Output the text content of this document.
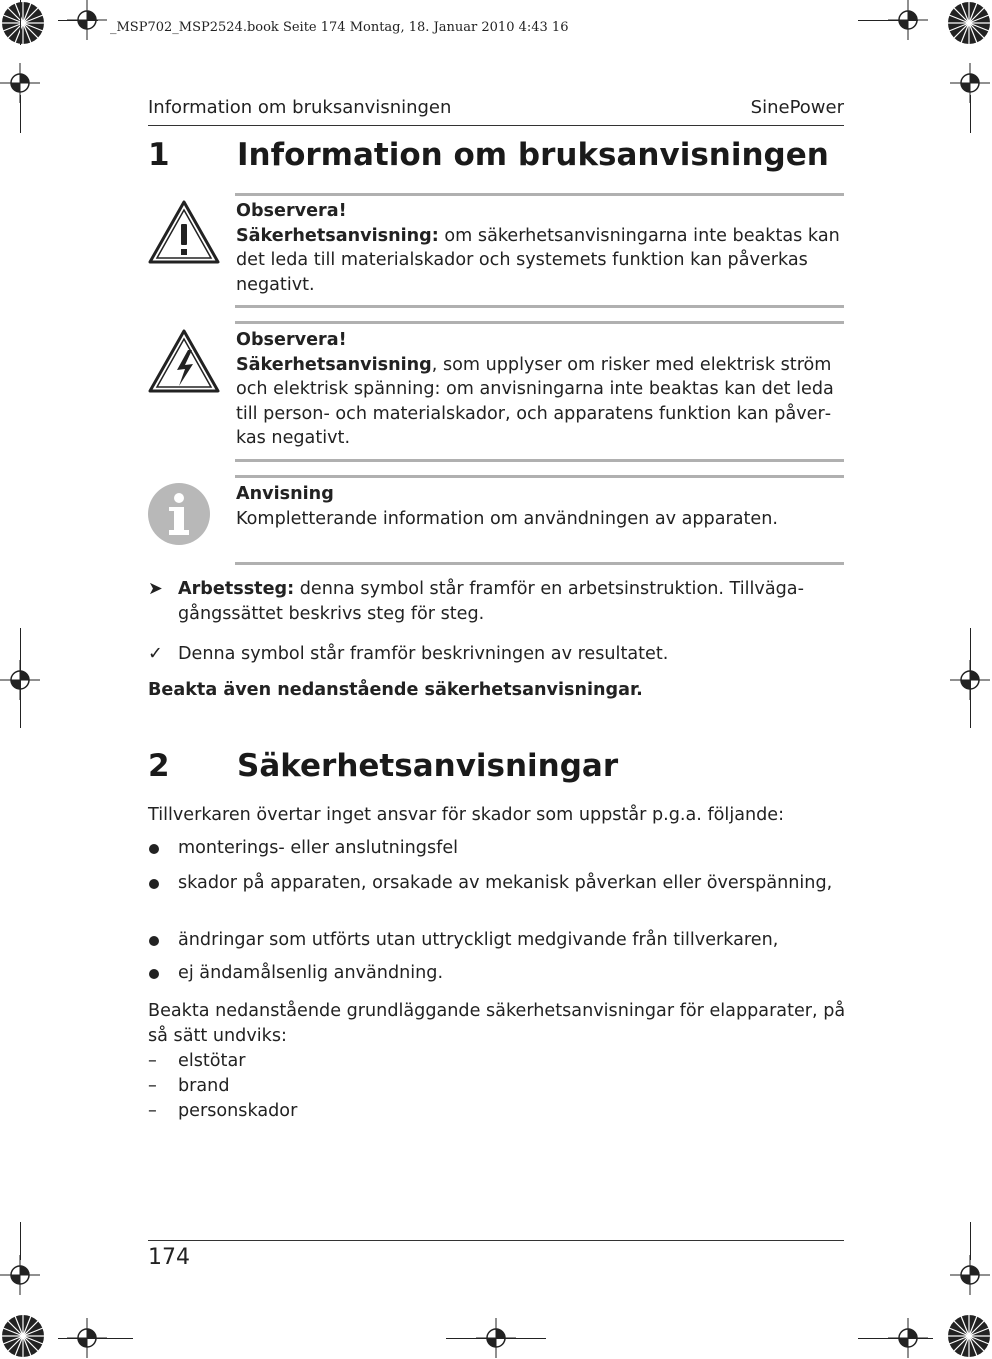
_MSP702_MSP2524.book Seite 174 Montag, 18. Januar 2010 4:43 16
Information om bruksanvisningen	SinePower
1 Information om bruksanvisningen
Observera!
Säkerhetsanvisning: om säkerhetsanvisningarna inte beaktas kan det leda till materialskador och systemets funktion kan påverkas negativt.
Observera!
Säkerhetsanvisning, som upplyser om risker med elektrisk ström och elektrisk spänning: om anvisningarna inte beaktas kan det leda till person- och materialskador, och apparatens funktion kan påverkas negativt.
Anvisning
Kompletterande information om användningen av apparaten.
➤ Arbetssteg: denna symbol står framför en arbetsinstruktion. Tillvägagångssättet beskrivs steg för steg.
✓ Denna symbol står framför beskrivningen av resultatet.
Beakta även nedanstående säkerhetsanvisningar.
2 Säkerhetsanvisningar
Tillverkaren övertar inget ansvar för skador som uppstår p.g.a. följande:
monterings- eller anslutningsfel
skador på apparaten, orsakade av mekanisk påverkan eller överspänning,
ändringar som utförts utan uttryckligt medgivande från tillverkaren,
ej ändamålsenlig användning.
Beakta nedanstående grundläggande säkerhetsanvisningar för elapparater, på så sätt undviks:
– elstötar
– brand
– personskador
174
